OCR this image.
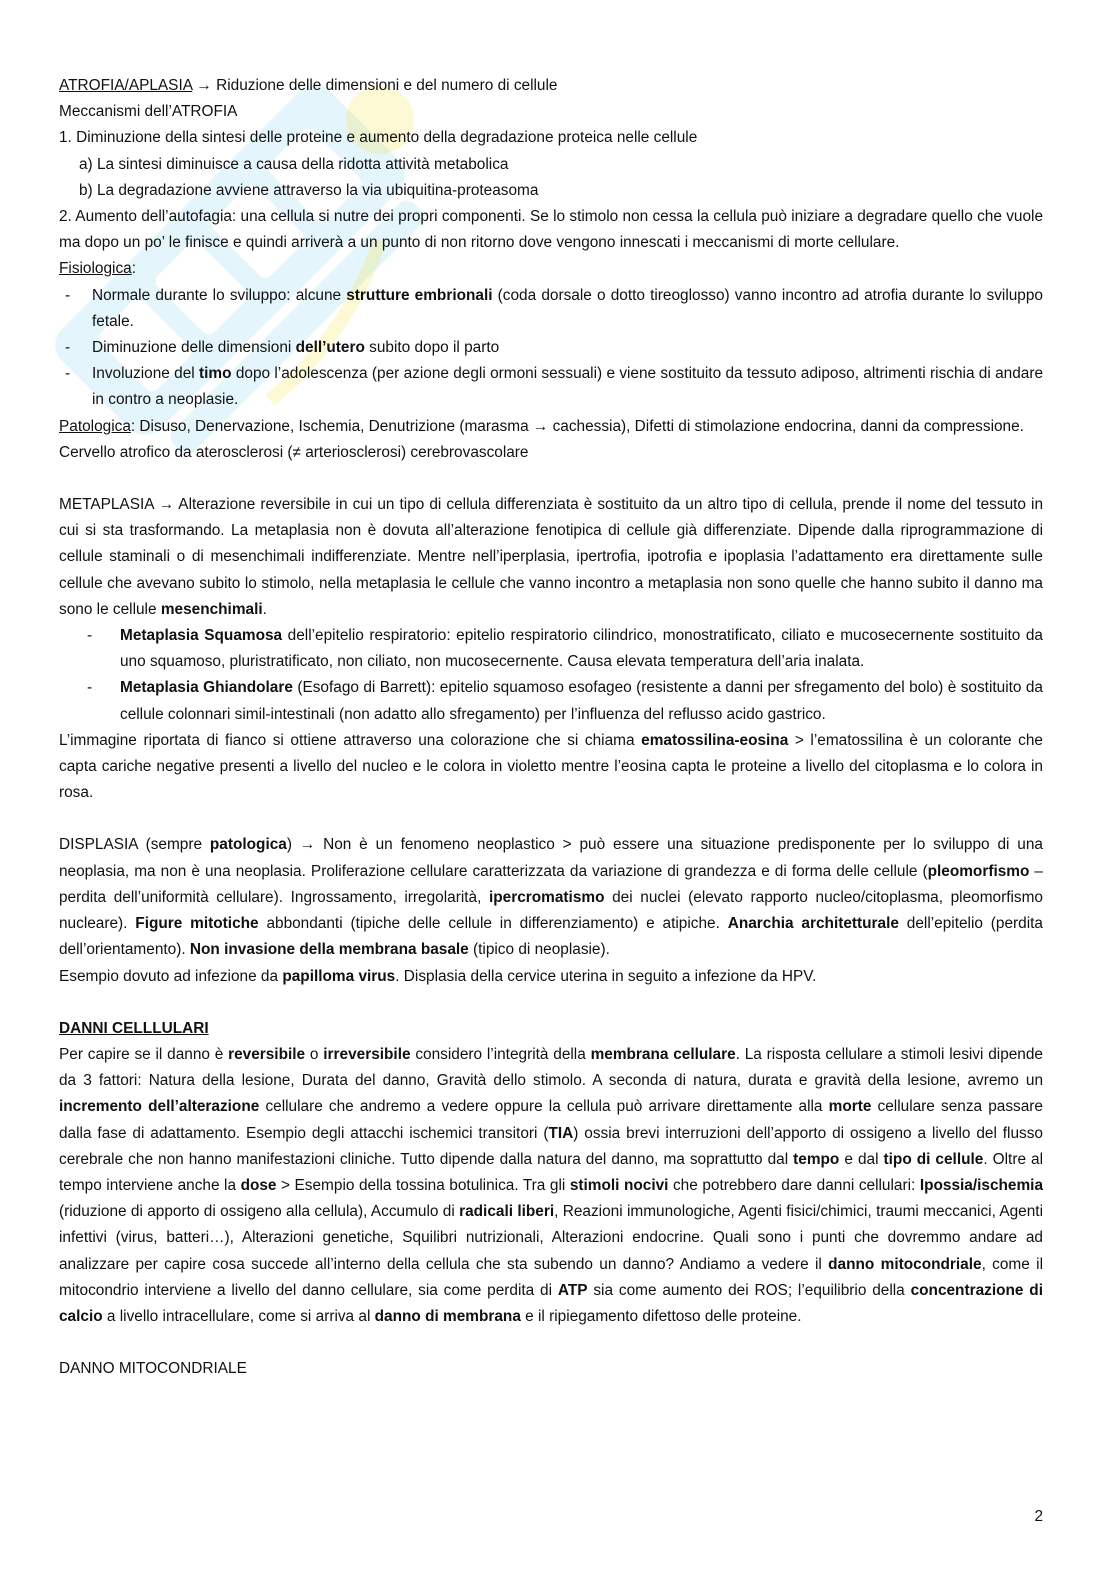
ATROFIA/APLASIA → Riduzione delle dimensioni e del numero di cellule

Meccanismi dell’ATROFIA

1. Diminuzione della sintesi delle proteine e aumento della degradazione proteica nelle cellule

a) La sintesi diminuisce a causa della ridotta attività metabolica

b) La degradazione avviene attraverso la via ubiquitina-proteasoma

2. Aumento dell’autofagia: una cellula si nutre dei propri componenti. Se lo stimolo non cessa la cellula può iniziare a degradare quello che vuole ma dopo un po’ le finisce e quindi arriverà a un punto di non ritorno dove vengono innescati i meccanismi di morte cellulare.

Fisiologica:

- Normale durante lo sviluppo: alcune strutture embrionali (coda dorsale o dotto tireoglosso) vanno incontro ad atrofia durante lo sviluppo fetale.

- Diminuzione delle dimensioni dell’utero subito dopo il parto

- Involuzione del timo dopo l’adolescenza (per azione degli ormoni sessuali) e viene sostituito da tessuto adiposo, altrimenti rischia di andare in contro a neoplasie.

Patologica: Disuso, Denervazione, Ischemia, Denutrizione (marasma → cachessia), Difetti di stimolazione endocrina, danni da compressione.

Cervello atrofico da aterosclerosi (≠ arteriosclerosi) cerebrovascolare

METAPLASIA → Alterazione reversibile in cui un tipo di cellula differenziata è sostituito da un altro tipo di cellula, prende il nome del tessuto in cui si sta trasformando. La metaplasia non è dovuta all’alterazione fenotipica di cellule già differenziate. Dipende dalla riprogrammazione di cellule staminali o di mesenchimali indifferenziate. Mentre nell’iperplasia, ipertrofia, ipotrofia e ipoplasia l’adattamento era direttamente sulle cellule che avevano subito lo stimolo, nella metaplasia le cellule che vanno incontro a metaplasia non sono quelle che hanno subito il danno ma sono le cellule mesenchimali.

- Metaplasia Squamosa dell’epitelio respiratorio: epitelio respiratorio cilindrico, monostratificato, ciliato e mucosecernente sostituito da uno squamoso, pluristratificato, non ciliato, non mucosecernente. Causa elevata temperatura dell’aria inalata.

- Metaplasia Ghiandolare (Esofago di Barrett): epitelio squamoso esofageo (resistente a danni per sfregamento del bolo) è sostituito da cellule colonnari simil-intestinali (non adatto allo sfregamento) per l’influenza del reflusso acido gastrico.

L’immagine riportata di fianco si ottiene attraverso una colorazione che si chiama ematossilina-eosina > l’ematossilina è un colorante che capta cariche negative presenti a livello del nucleo e le colora in violetto mentre l’eosina capta le proteine a livello del citoplasma e lo colora in rosa.

DISPLASIA (sempre patologica) → Non è un fenomeno neoplastico > può essere una situazione predisponente per lo sviluppo di una neoplasia, ma non è una neoplasia. Proliferazione cellulare caratterizzata da variazione di grandezza e di forma delle cellule (pleomorfismo – perdita dell’uniformità cellulare). Ingrossamento, irregolarità, ipercromatismo dei nuclei (elevato rapporto nucleo/citoplasma, pleomorfismo nucleare). Figure mitotiche abbondanti (tipiche delle cellule in differenziamento) e atipiche. Anarchia architetturale dell’epitelio (perdita dell’orientamento). Non invasione della membrana basale (tipico di neoplasie).

Esempio dovuto ad infezione da papilloma virus. Displasia della cervice uterina in seguito a infezione da HPV.

DANNI CELLLULARI

Per capire se il danno è reversibile o irreversibile considero l’integrità della membrana cellulare. La risposta cellulare a stimoli lesivi dipende da 3 fattori: Natura della lesione, Durata del danno, Gravità dello stimolo. A seconda di natura, durata e gravità della lesione, avremo un incremento dell’alterazione cellulare che andremo a vedere oppure la cellula può arrivare direttamente alla morte cellulare senza passare dalla fase di adattamento. Esempio degli attacchi ischemici transitori (TIA) ossia brevi interruzioni dell’apporto di ossigeno a livello del flusso cerebrale che non hanno manifestazioni cliniche. Tutto dipende dalla natura del danno, ma soprattutto dal tempo e dal tipo di cellule. Oltre al tempo interviene anche la dose > Esempio della tossina botulinica. Tra gli stimoli nocivi che potrebbero dare danni cellulari: Ipossia/ischemia (riduzione di apporto di ossigeno alla cellula), Accumulo di radicali liberi, Reazioni immunologiche, Agenti fisici/chimici, traumi meccanici, Agenti infettivi (virus, batteri…), Alterazioni genetiche, Squilibri nutrizionali, Alterazioni endocrine. Quali sono i punti che dovremmo andare ad analizzare per capire cosa succede all’interno della cellula che sta subendo un danno? Andiamo a vedere il danno mitocondriale, come il mitocondrio interviene a livello del danno cellulare, sia come perdita di ATP sia come aumento dei ROS; l’equilibrio della concentrazione di calcio a livello intracellulare, come si arriva al danno di membrana e il ripiegamento difettoso delle proteine.

DANNO MITOCONDRIALE

2
